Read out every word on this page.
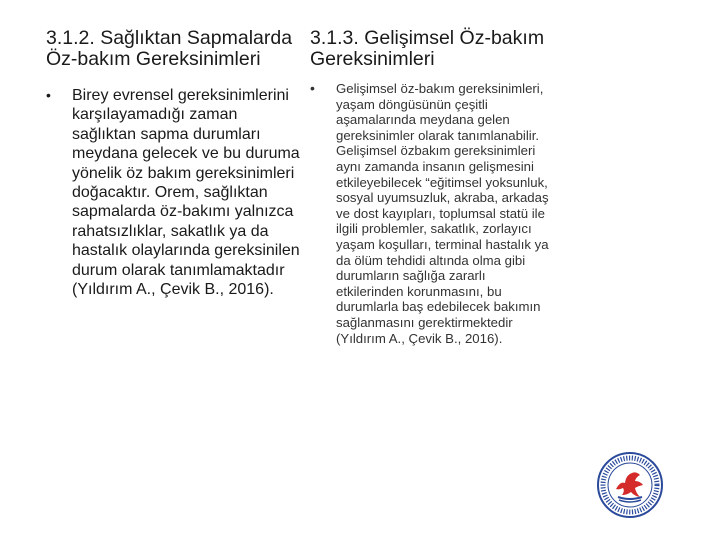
3.1.2. Sağlıktan Sapmalarda Öz-bakım Gereksinimleri
• Birey evrensel gereksinimlerini karşılayamadığı zaman sağlıktan sapma durumları meydana gelecek ve bu duruma yönelik öz bakım gereksinimleri doğacaktır. Orem, sağlıktan sapmalarda öz-bakımı yalnızca rahatsızlıklar, sakatlık ya da hastalık olaylarında gereksinilen durum olarak tanımlamaktadır (Yıldırım A., Çevik B., 2016).
3.1.3. Gelişimsel Öz-bakım Gereksinimleri
• Gelişimsel öz-bakım gereksinimleri, yaşam döngüsünün çeşitli aşamalarında meydana gelen gereksinimler olarak tanımlanabilir. Gelişimsel özbakım gereksinimleri aynı zamanda insanın gelişmesini etkileyebilecek “eğitimsel yoksunluk, sosyal uyumsuzluk, akraba, arkadaş ve dost kayıpları, toplumsal statü ile ilgili problemler, sakatlık, zorlayıcı yaşam koşulları, terminal hastalık ya da ölüm tehdidi altında olma gibi durumların sağlığa zararlı etkilerinden korunmasını, bu durumlarla baş edebilecek bakımın sağlanmasını gerektirmektedir (Yıldırım A., Çevik B., 2016).
